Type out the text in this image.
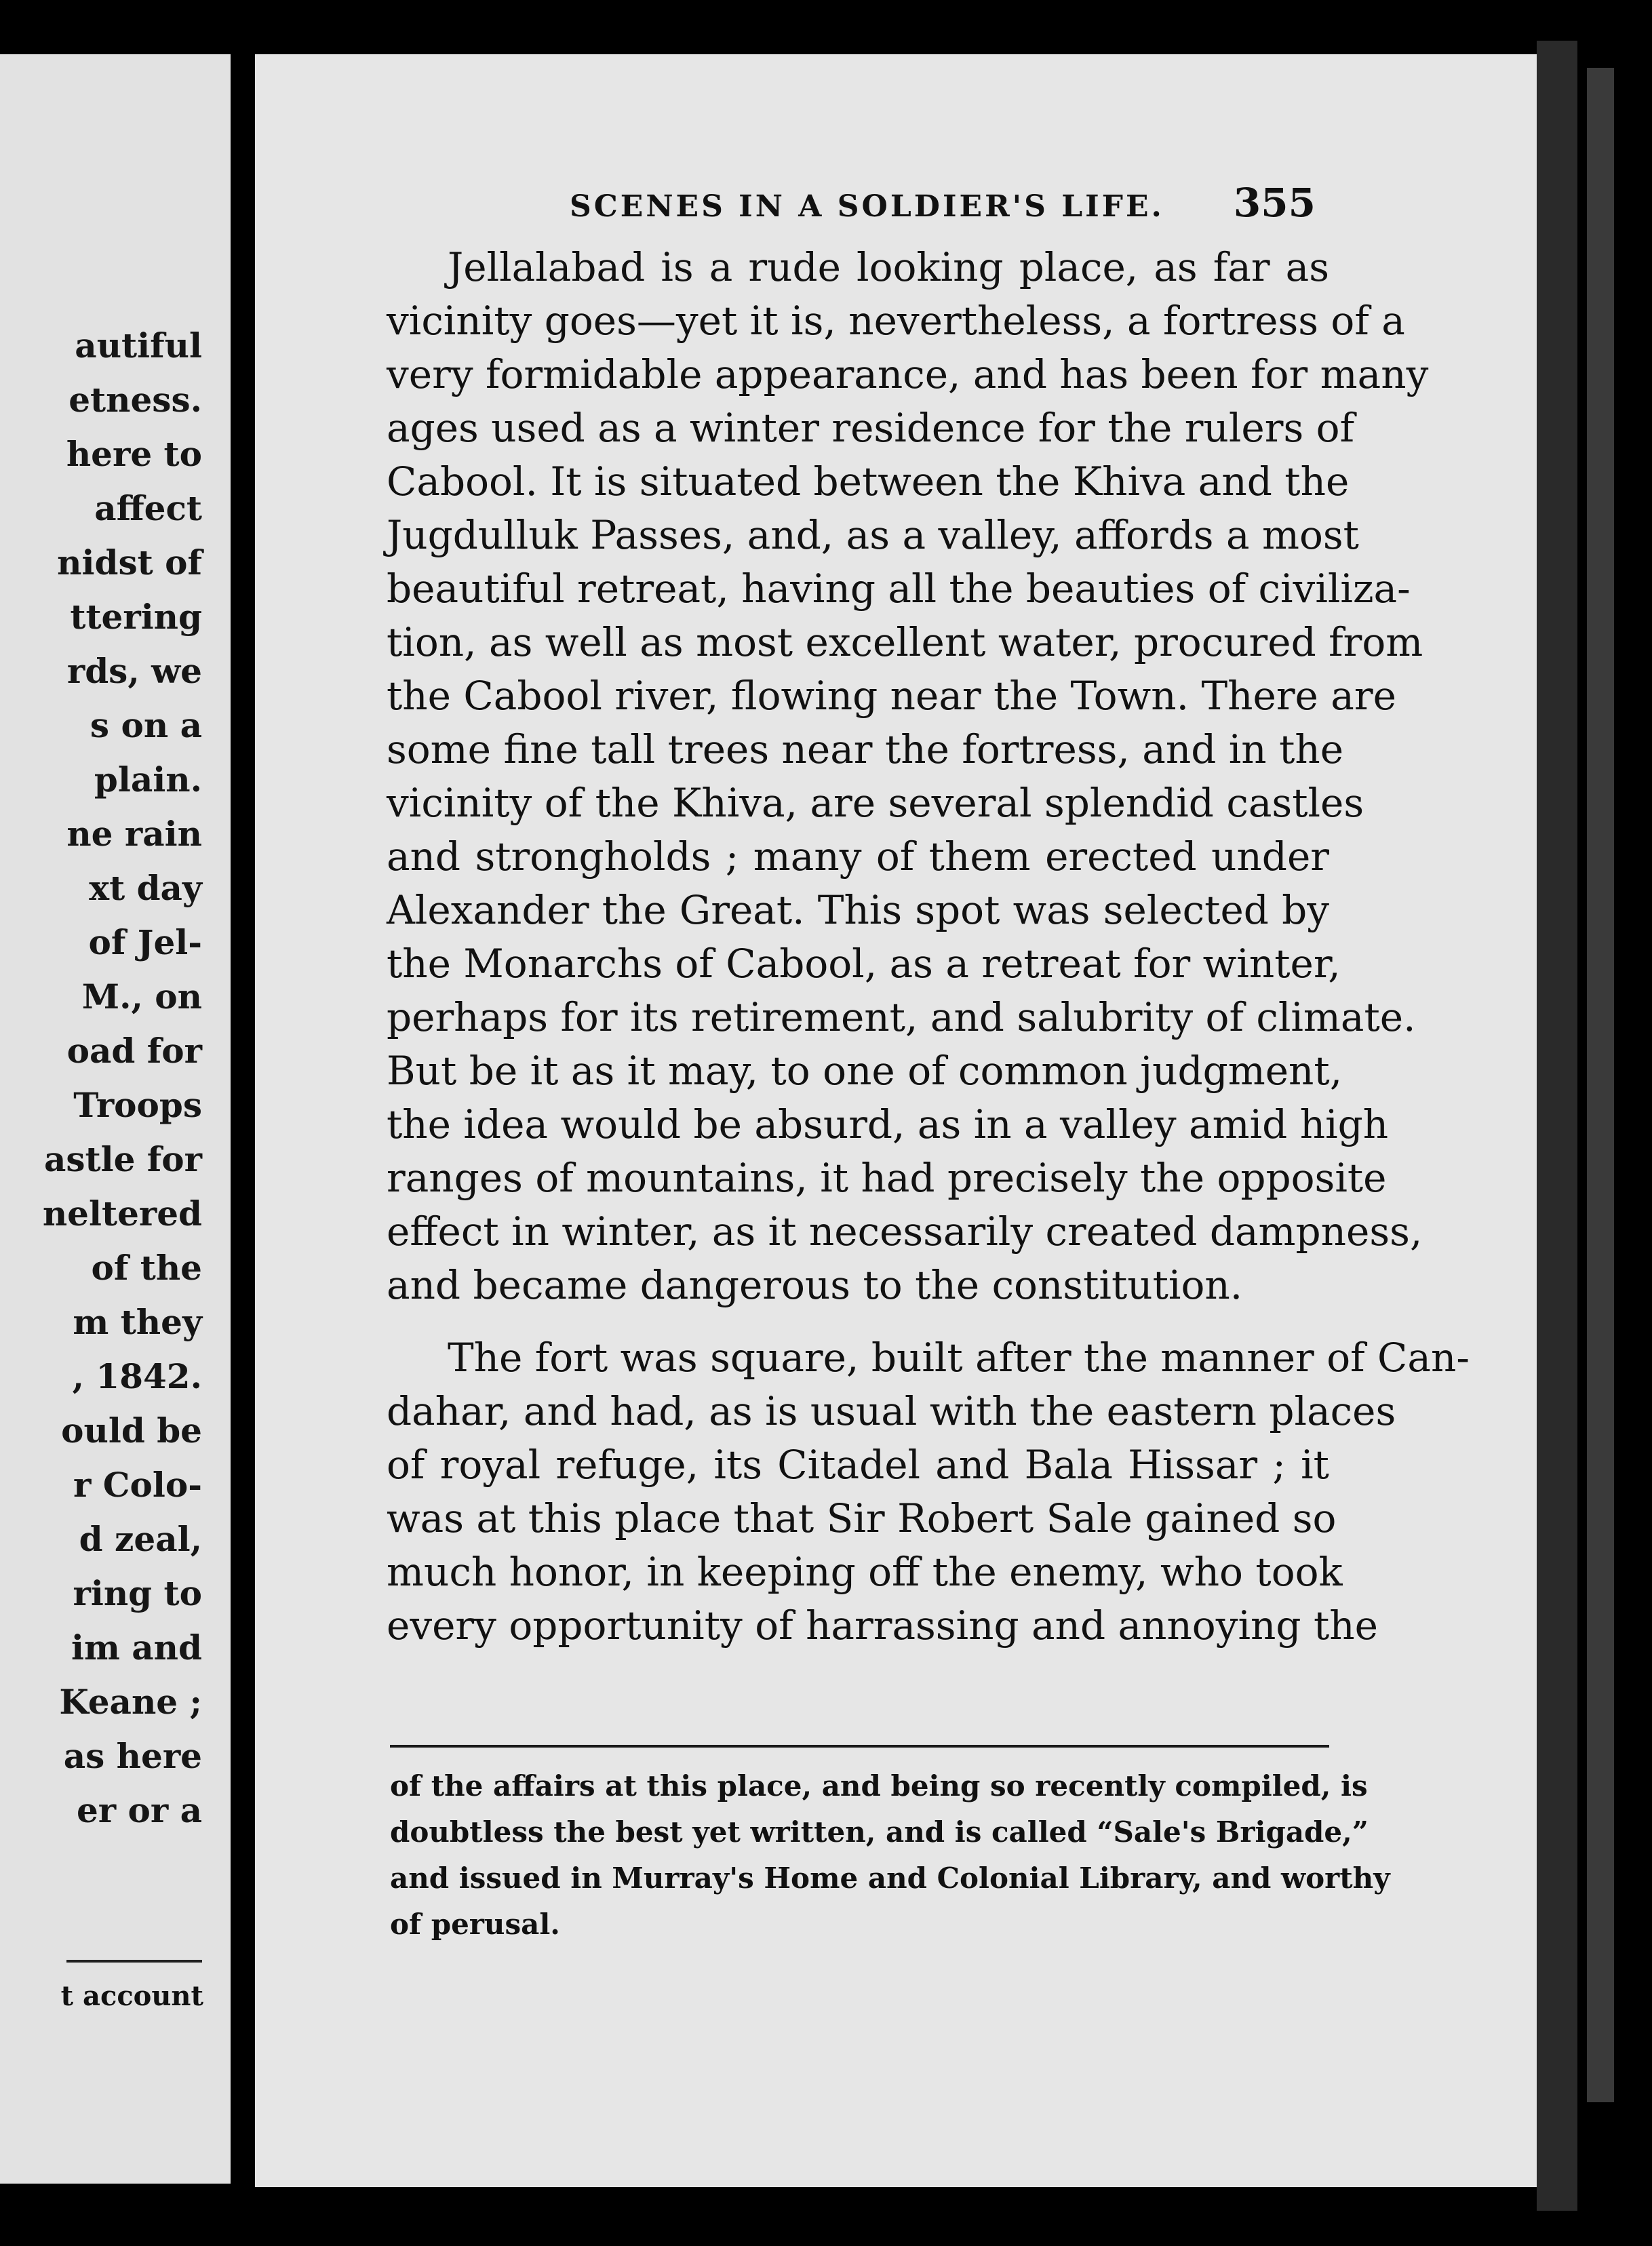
autiful
etness.
here to
affect
nidst of
ttering
rds, we
s on a
plain.
ne rain
xt day
of Jel-
M., on
oad for
Troops
astle for
neltered
of the
m they
, 1842.
ould be
r Colo-
d zeal,
ring to
im and
Keane ;
as here
er or a
t account
SCENES IN A SOLDIER'S LIFE. 355
Jellalabad is a rude looking place, as far as
vicinity goes—yet it is, nevertheless, a fortress of a
very formidable appearance, and has been for many
ages used as a winter residence for the rulers of
Cabool. It is situated between the Khiva and the
Jugdulluk Passes, and, as a valley, affords a most
beautiful retreat, having all the beauties of civiliza-
tion, as well as most excellent water, procured from
the Cabool river, flowing near the Town. There are
some fine tall trees near the fortress, and in the
vicinity of the Khiva, are several splendid castles
and strongholds ; many of them erected under
Alexander the Great. This spot was selected by
the Monarchs of Cabool, as a retreat for winter,
perhaps for its retirement, and salubrity of climate.
But be it as it may, to one of common judgment,
the idea would be absurd, as in a valley amid high
ranges of mountains, it had precisely the opposite
effect in winter, as it necessarily created dampness,
and became dangerous to the constitution.
The fort was square, built after the manner of Can-
dahar, and had, as is usual with the eastern places
of royal refuge, its Citadel and Bala Hissar ; it
was at this place that Sir Robert Sale gained so
much honor, in keeping off the enemy, who took
every opportunity of harrassing and annoying the
of the affairs at this place, and being so recently compiled, is
doubtless the best yet written, and is called “Sale's Brigade,”
and issued in Murray's Home and Colonial Library, and worthy
of perusal.
